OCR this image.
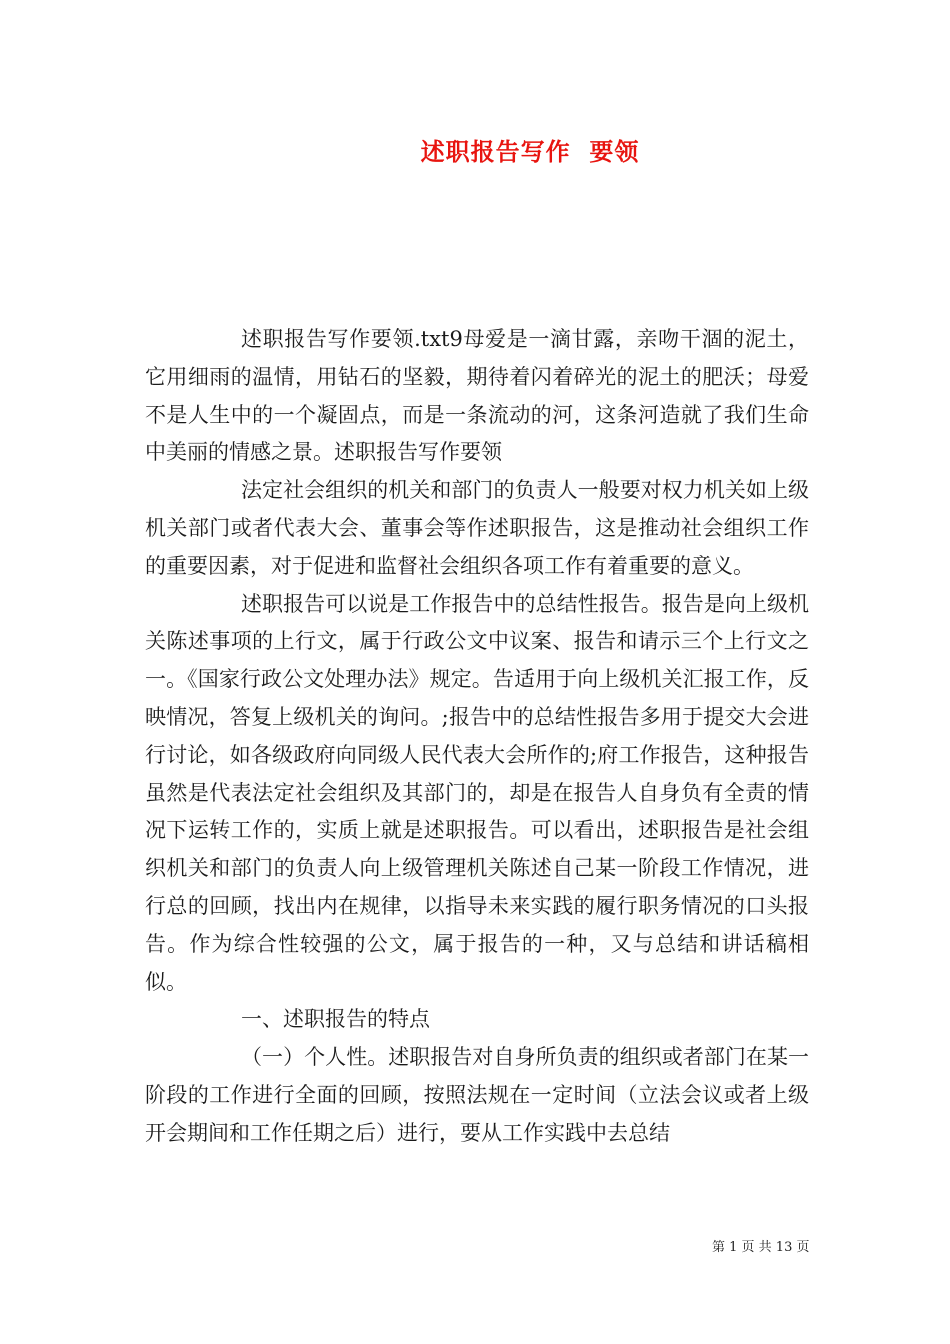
述职报告写作  要领

述职报告写作要领.txt9母爱是一滴甘露，亲吻干涸的泥土，它用细雨的温情，用钻石的坚毅，期待着闪着碎光的泥土的肥沃；母爱不是人生中的一个凝固点，而是一条流动的河，这条河造就了我们生命中美丽的情感之景。述职报告写作要领

法定社会组织的机关和部门的负责人一般要对权力机关如上级机关部门或者代表大会、董事会等作述职报告，这是推动社会组织工作的重要因素，对于促进和监督社会组织各项工作有着重要的意义。

述职报告可以说是工作报告中的总结性报告。报告是向上级机关陈述事项的上行文，属于行政公文中议案、报告和请示三个上行文之一。《国家行政公文处理办法》规定。告适用于向上级机关汇报工作，反映情况，答复上级机关的询问。;报告中的总结性报告多用于提交大会进行讨论，如各级政府向同级人民代表大会所作的;府工作报告，这种报告虽然是代表法定社会组织及其部门的，却是在报告人自身负有全责的情况下运转工作的，实质上就是述职报告。可以看出，述职报告是社会组织机关和部门的负责人向上级管理机关陈述自己某一阶段工作情况，进行总的回顾，找出内在规律，以指导未来实践的履行职务情况的口头报告。作为综合性较强的公文，属于报告的一种，又与总结和讲话稿相似。

一、述职报告的特点

（一）个人性。述职报告对自身所负责的组织或者部门在某一阶段的工作进行全面的回顾，按照法规在一定时间（立法会议或者上级开会期间和工作任期之后）进行，要从工作实践中去总结

第 1 页 共 13 页
